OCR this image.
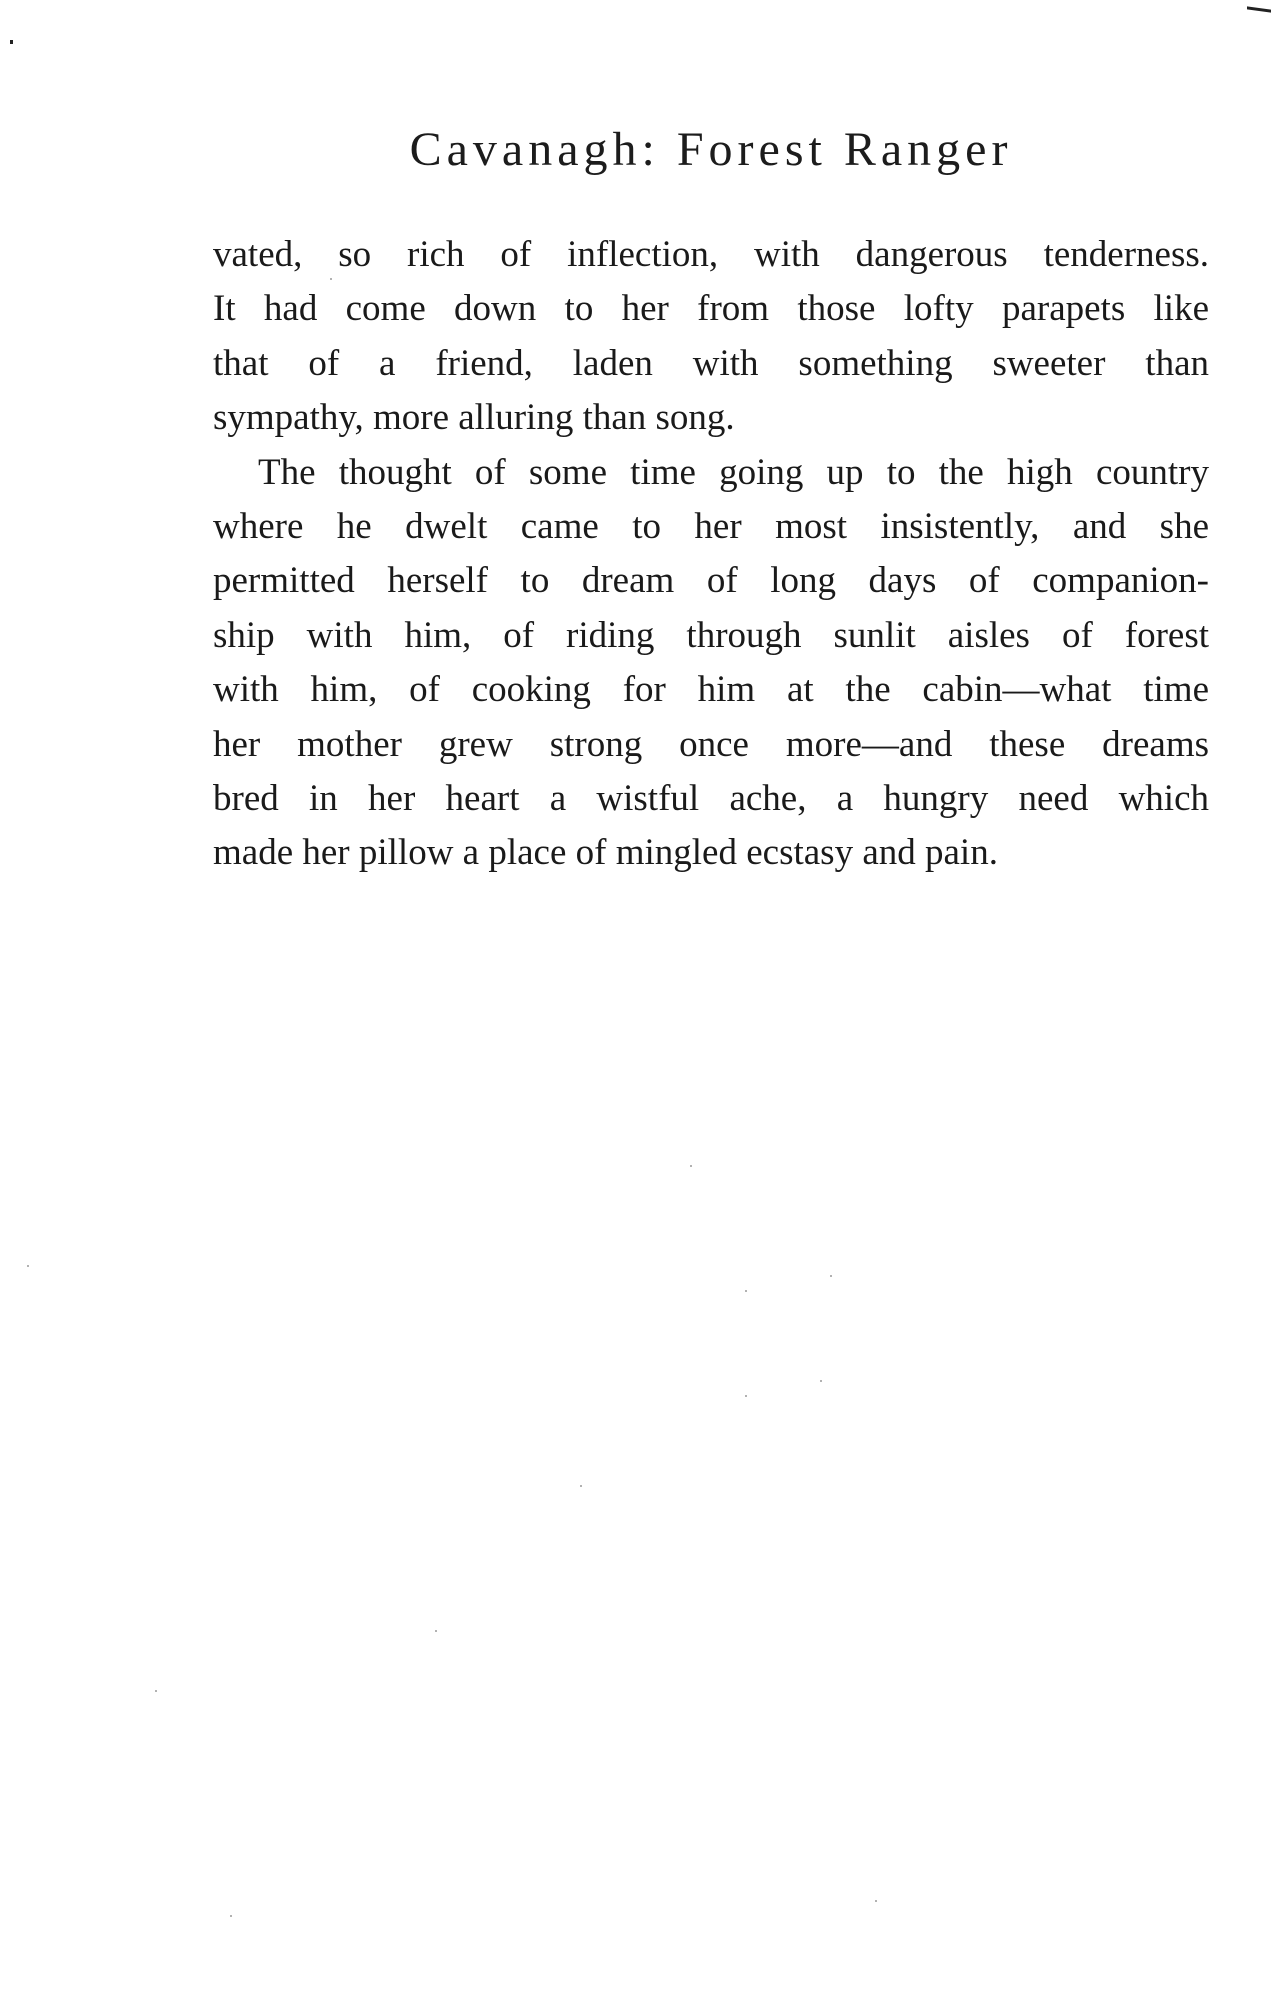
Cavanagh: Forest Ranger
vated, so rich of inflection, with dangerous tenderness.
It had come down to her from those lofty parapets like
that of a friend, laden with something sweeter than
sympathy, more alluring than song.
The thought of some time going up to the high country
where he dwelt came to her most insistently, and she
permitted herself to dream of long days of companion-
ship with him, of riding through sunlit aisles of forest
with him, of cooking for him at the cabin—what time
her mother grew strong once more—and these dreams
bred in her heart a wistful ache, a hungry need which
made her pillow a place of mingled ecstasy and pain.
